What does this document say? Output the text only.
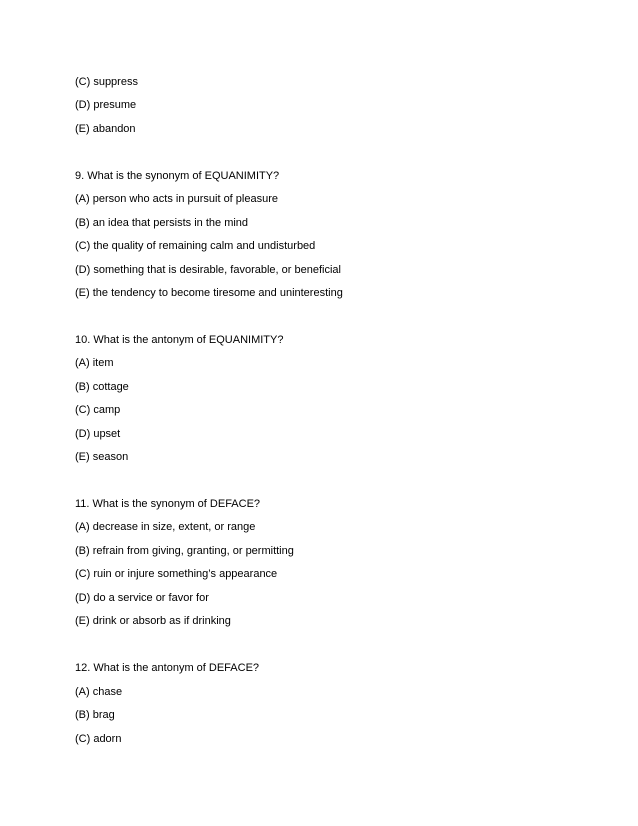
(C) suppress
(D) presume
(E) abandon
9. What is the synonym of EQUANIMITY?
(A) person who acts in pursuit of pleasure
(B) an idea that persists in the mind
(C) the quality of remaining calm and undisturbed
(D) something that is desirable, favorable, or beneficial
(E) the tendency to become tiresome and uninteresting
10. What is the antonym of EQUANIMITY?
(A) item
(B) cottage
(C) camp
(D) upset
(E) season
11. What is the synonym of DEFACE?
(A) decrease in size, extent, or range
(B) refrain from giving, granting, or permitting
(C) ruin or injure something’s appearance
(D) do a service or favor for
(E) drink or absorb as if drinking
12. What is the antonym of DEFACE?
(A) chase
(B) brag
(C) adorn
